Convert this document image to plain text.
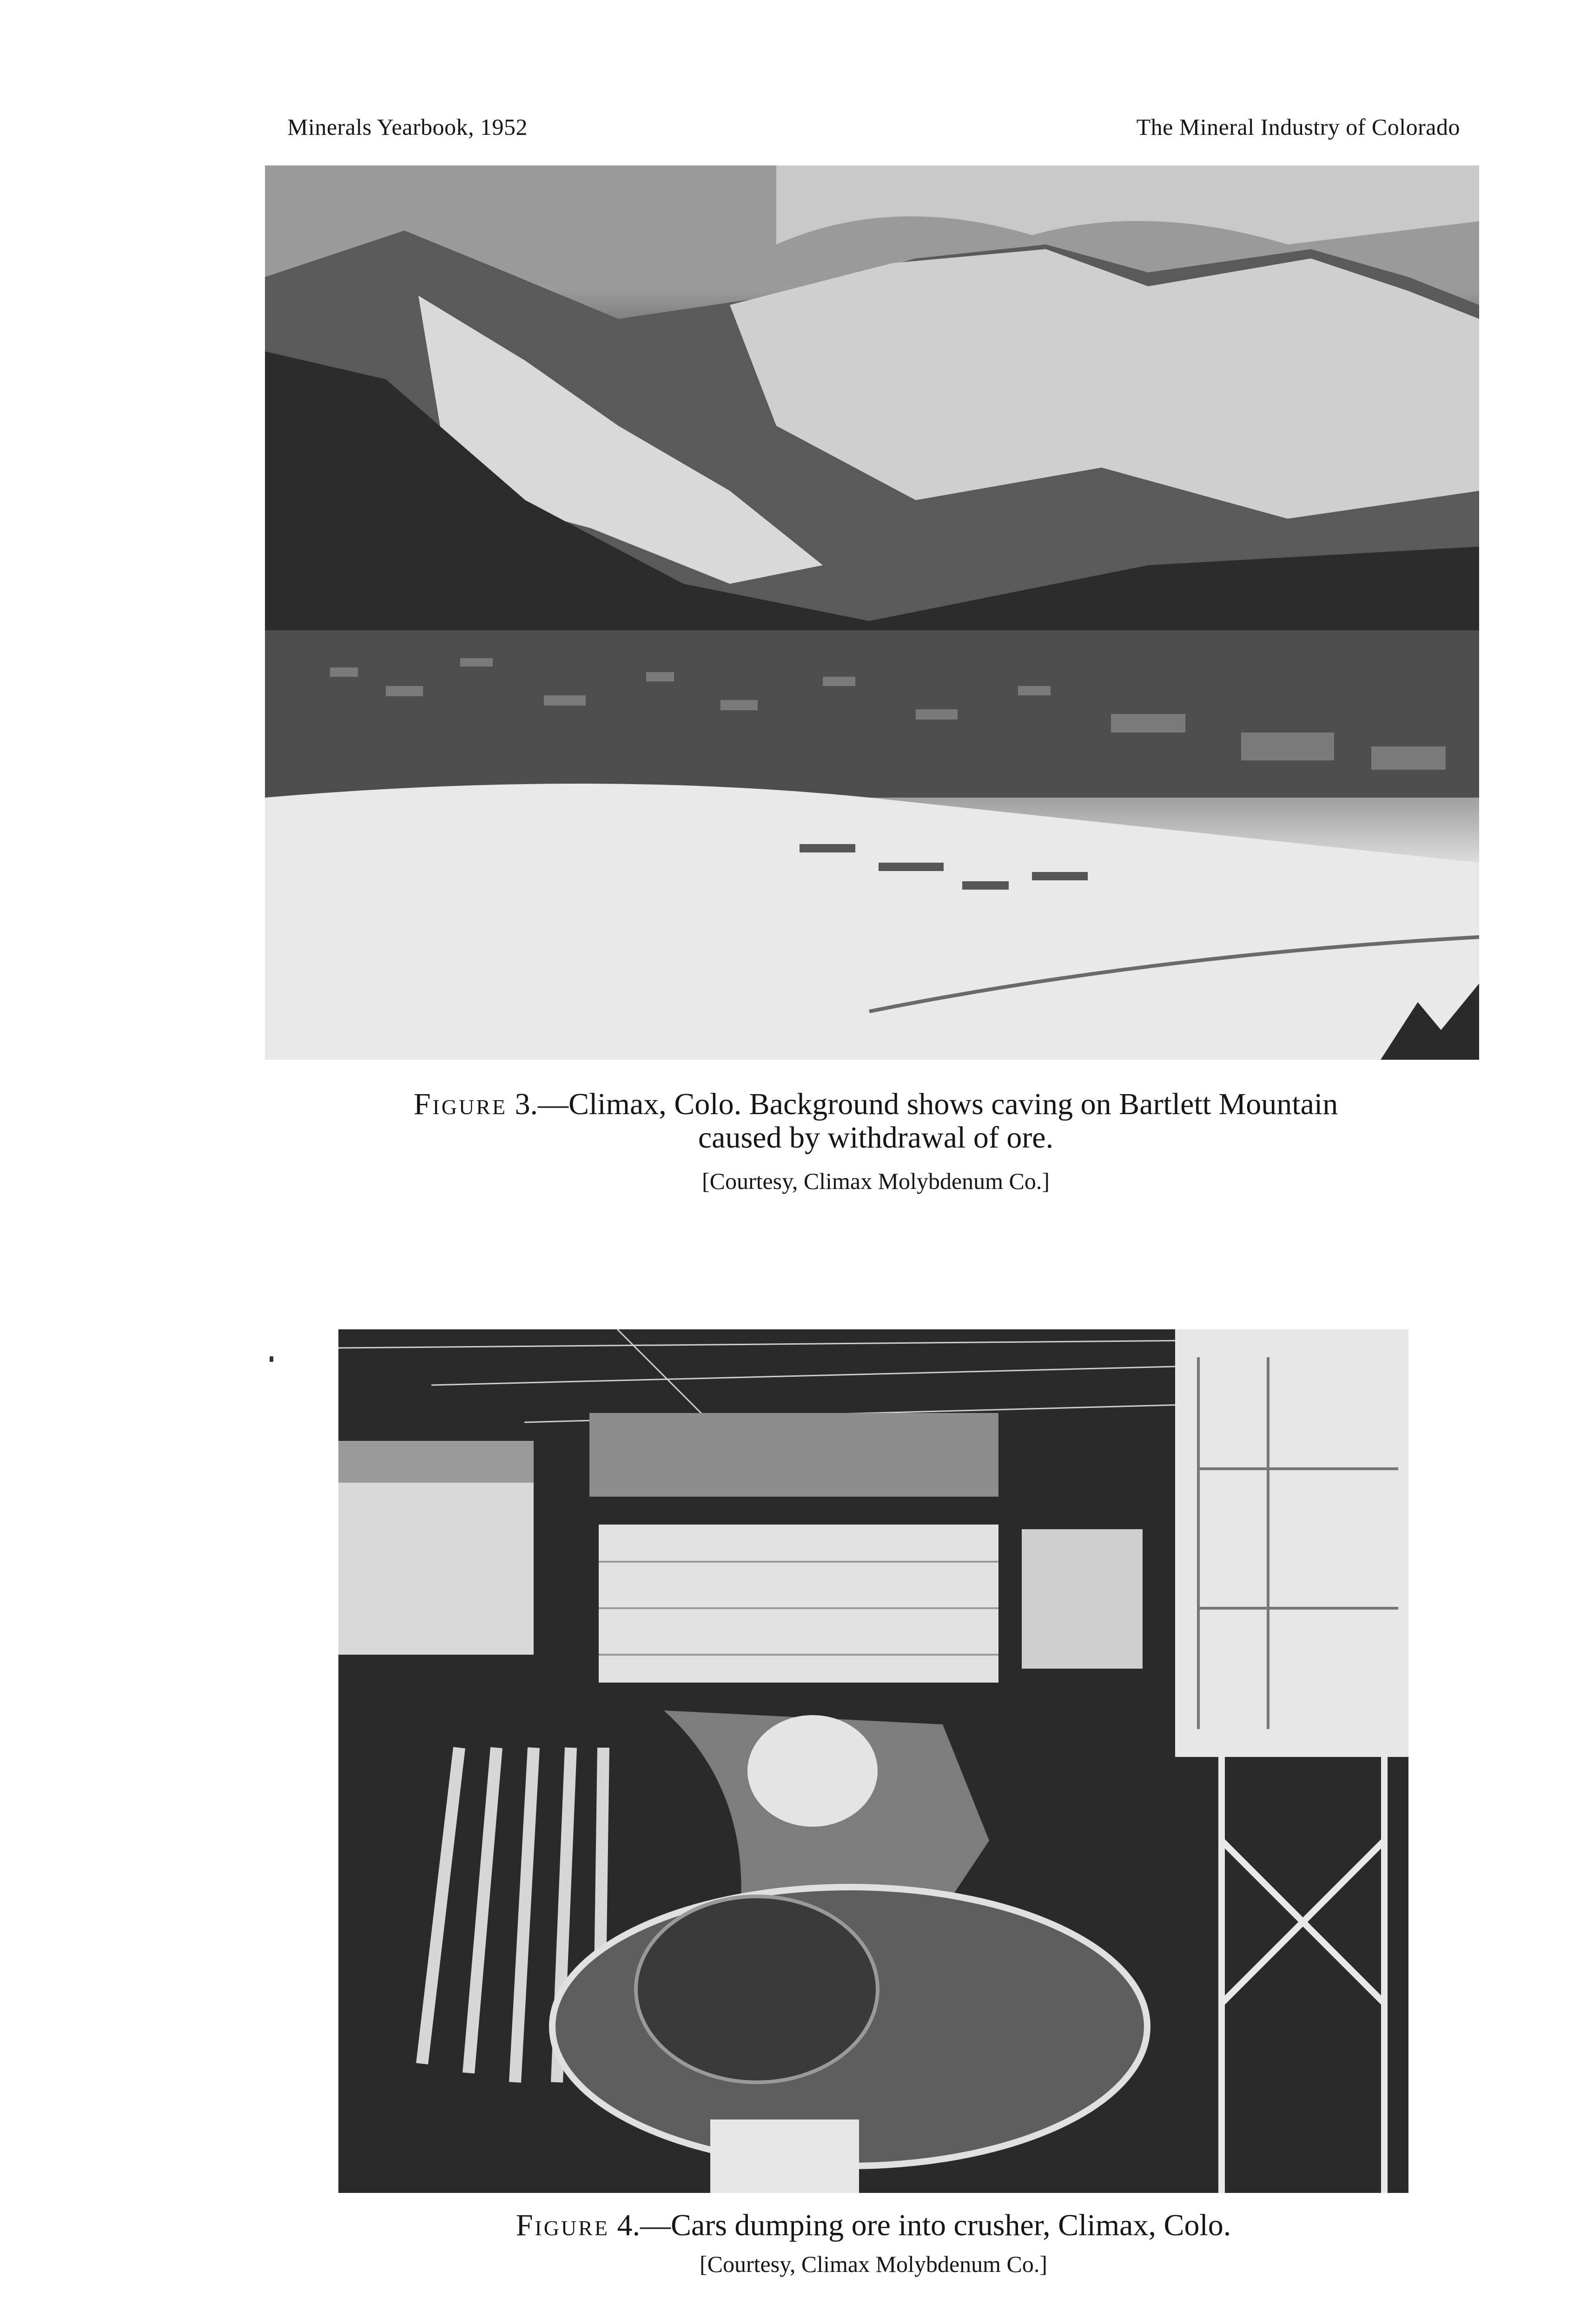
Minerals Yearbook, 1952	The Mineral Industry of Colorado
Figure 3.—Climax, Colo. Background shows caving on Bartlett Mountain
caused by withdrawal of ore.
[Courtesy, Climax Molybdenum Co.]
Figure 4.—Cars dumping ore into crusher, Climax, Colo.
[Courtesy, Climax Molybdenum Co.]
